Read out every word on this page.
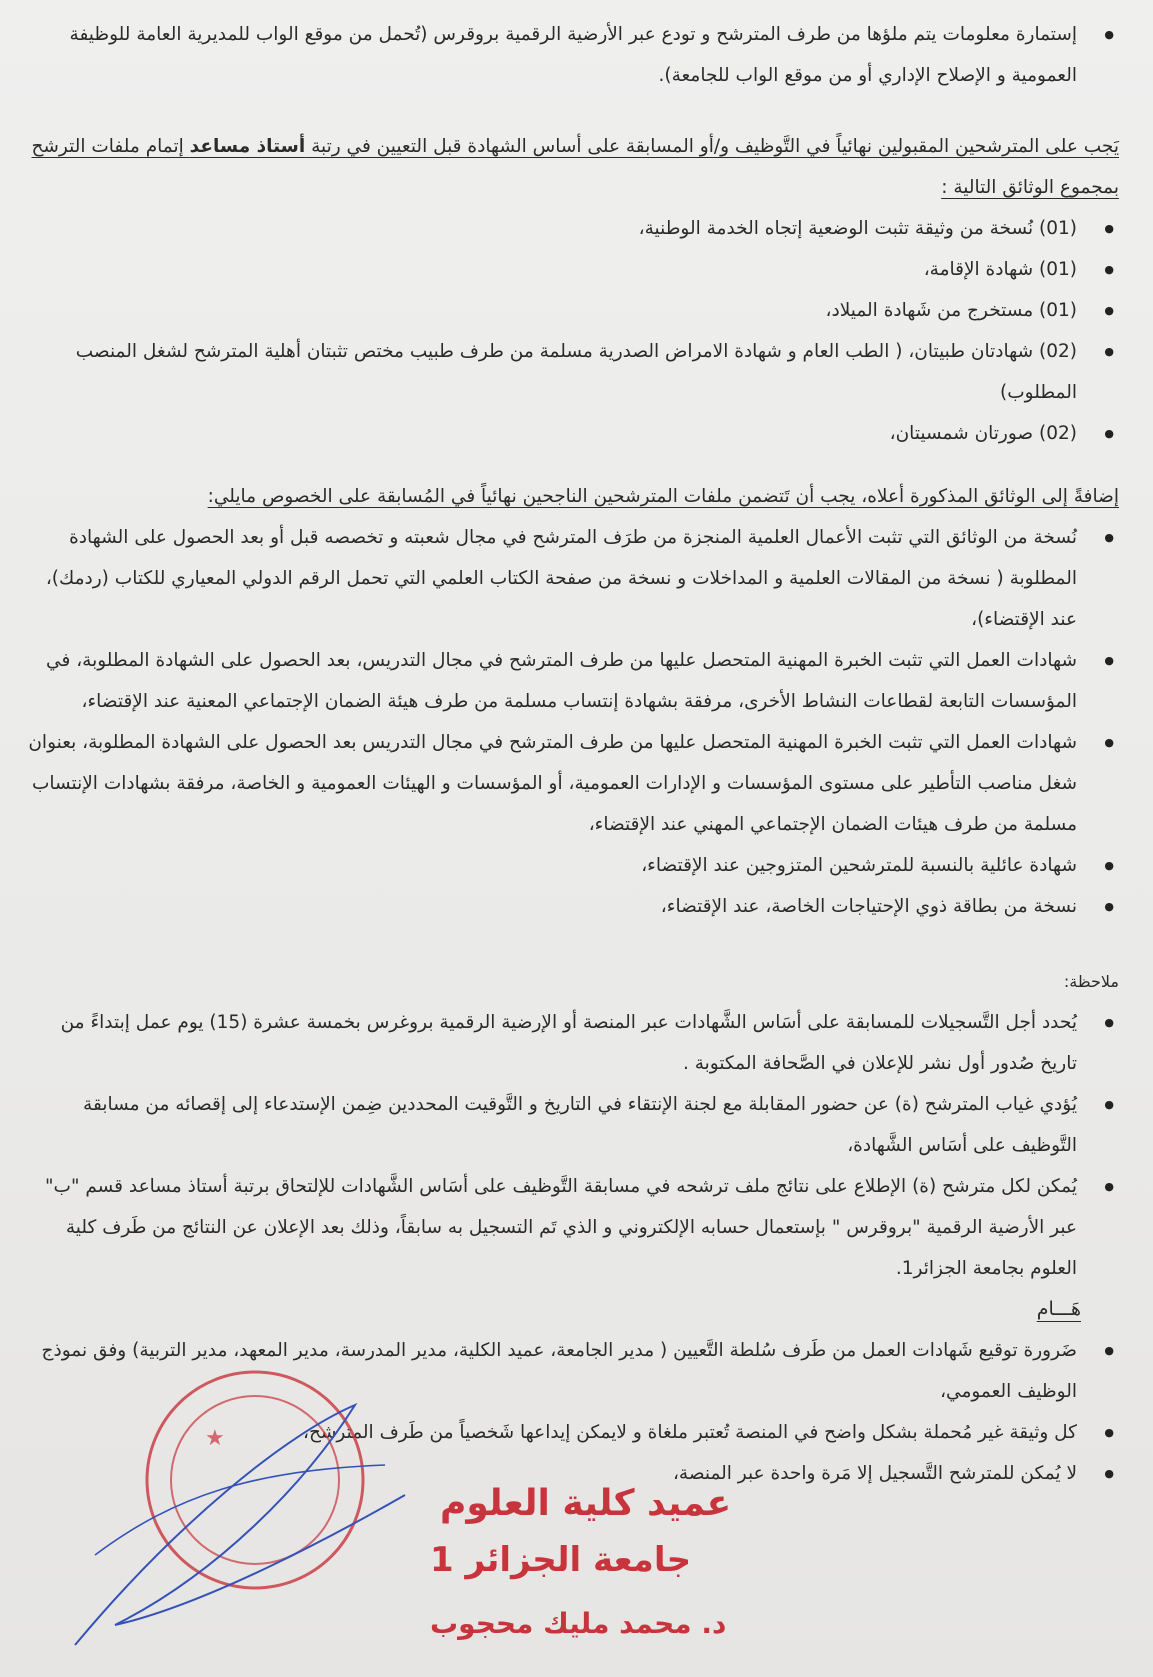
● إستمارة معلومات يتم ملؤها من طرف المترشح و تودع عبر الأرضية الرقمية بروقرس (تُحمل من موقع الواب للمديرية العامة للوظيفة العمومية و الإصلاح الإداري أو من موقع الواب للجامعة).
يَجب على المترشحين المقبولين نهائياً في التَّوظيف و/أو المسابقة على أساس الشهادة قبل التعيين في رتبة أستاذ مساعد إتمام ملفات الترشح بمجموع الوثائق التالية :
● (01) نُسخة من وثيقة تثبت الوضعية إتجاه الخدمة الوطنية،
● (01) شهادة الإقامة،
● (01) مستخرج من شَهادة الميلاد،
● (02) شهادتان طبيتان، ( الطب العام و شهادة الامراض الصدرية مسلمة من طرف طبيب مختص تثبتان أهلية المترشح لشغل المنصب المطلوب)
● (02) صورتان شمسيتان،
إضافةً إلى الوثائق المذكورة أعلاه، يجب أن تَتضمن ملفات المترشحين الناجحين نهائياً في المُسابقة على الخصوص مايلي:
● نُسخة من الوثائق التي تثبت الأعمال العلمية المنجزة من طرَف المترشح في مجال شعبته و تخصصه قبل أو بعد الحصول على الشهادة المطلوبة ( نسخة من المقالات العلمية و المداخلات و نسخة من صفحة الكتاب العلمي التي تحمل الرقم الدولي المعياري للكتاب (ردمك)، عند الإقتضاء)،
● شهادات العمل التي تثبت الخبرة المهنية المتحصل عليها من طرف المترشح في مجال التدريس، بعد الحصول على الشهادة المطلوبة، في المؤسسات التابعة لقطاعات النشاط الأخرى، مرفقة بشهادة إنتساب مسلمة من طرف هيئة الضمان الإجتماعي المعنية عند الإقتضاء،
● شهادات العمل التي تثبت الخبرة المهنية المتحصل عليها من طرف المترشح في مجال التدريس بعد الحصول على الشهادة المطلوبة، بعنوان شغل مناصب التأطير على مستوى المؤسسات و الإدارات العمومية، أو المؤسسات و الهيئات العمومية و الخاصة، مرفقة بشهادات الإنتساب مسلمة من طرف هيئات الضمان الإجتماعي المهني عند الإقتضاء،
● شهادة عائلية بالنسبة للمترشحين المتزوجين عند الإقتضاء،
● نسخة من بطاقة ذوي الإحتياجات الخاصة، عند الإقتضاء،
ملاحظة:
● يُحدد أجل التَّسجيلات للمسابقة على أسَاس الشَّهادات عبر المنصة أو الإرضية الرقمية بروغرس بخمسة عشرة (15) يوم عمل إبتداءً من تاريخ صُدور أول نشر للإعلان في الصَّحافة المكتوبة .
● يُؤدي غياب المترشح (ة) عن حضور المقابلة مع لجنة الإنتقاء في التاريخ و التَّوقيت المحددين ضِمن الإستدعاء إلى إقصائه من مسابقة التَّوظيف على أسَاس الشَّهادة،
● يُمكن لكل مترشح (ة) الإطلاع على نتائج ملف ترشحه في مسابقة التَّوظيف على أسَاس الشَّهادات للإلتحاق برتبة أستاذ مساعد قسم "ب" عبر الأرضية الرقمية "بروقرس " بإستعمال حسابه الإلكتروني و الذي تَم التسجيل به سابقاً، وذلك بعد الإعلان عن النتائج من طَرف كلية العلوم بجامعة الجزائر1.
هَـــام
● ضَرورة توقيع شَهادات العمل من طَرف سُلطة التَّعيين ( مدير الجامعة، عميد الكلية، مدير المدرسة، مدير المعهد، مدير التربية) وفق نموذج الوظيف العمومي،
● كل وثيقة غير مُحملة بشكل واضح في المنصة تُعتبر ملغاة و لايمكن إيداعها شَخصياً من طَرف المترشح،
● لا يُمكن للمترشح التَّسجيل إلا مَرة واحدة عبر المنصة،
★
عميد كلية العلوم
جامعة الجزائر 1
د. محمد مليك محجوب
